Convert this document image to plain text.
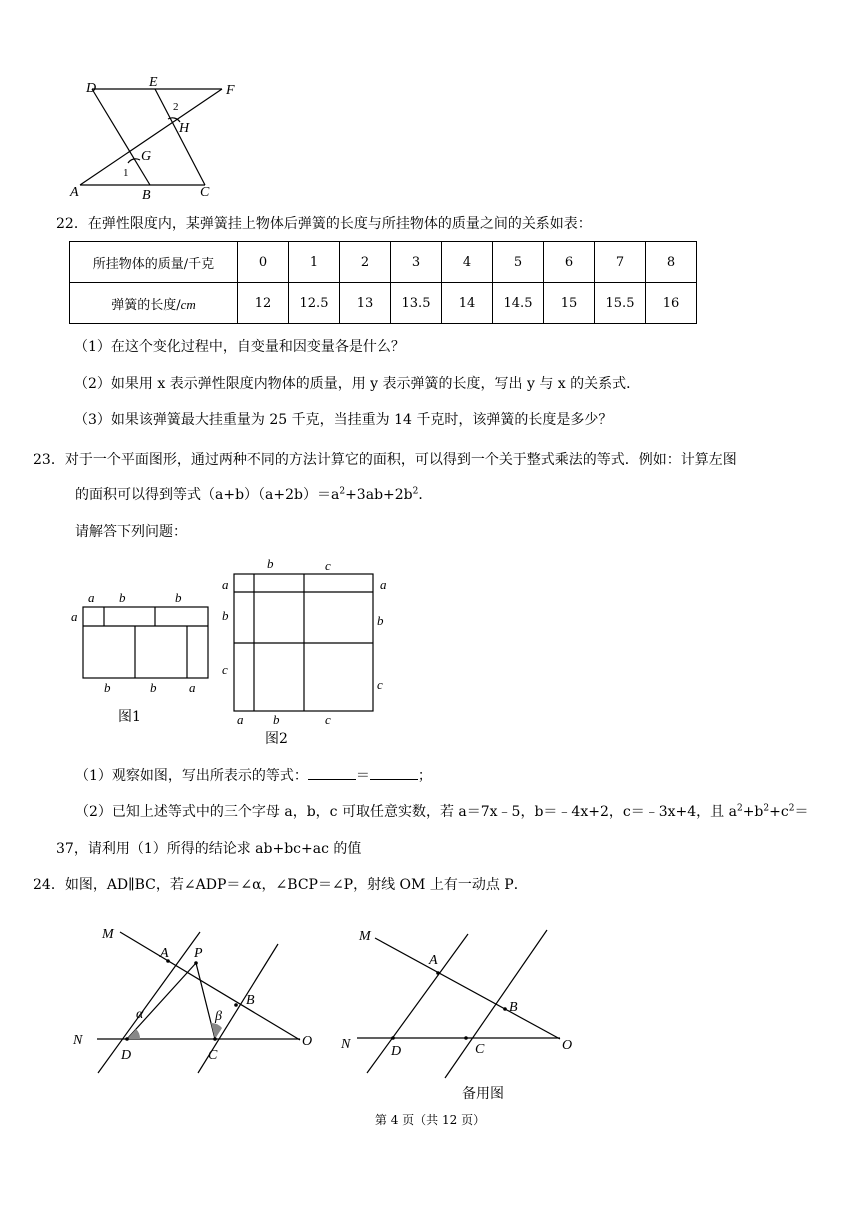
D	E
F
H
G
A	B	C
2
1
22．在弹性限度内，某弹簧挂上物体后弹簧的长度与所挂物体的质量之间的关系如表：
所挂物体的质量/千克	0	1	2	3	4	5	6	7	8
弹簧的长度/cm	12	12.5	13	13.5	14	14.5	15	15.5	16
（1）在这个变化过程中，自变量和因变量各是什么？
（2）如果用 x 表示弹性限度内物体的质量，用 y 表示弹簧的长度，写出 y 与 x 的关系式．
（3）如果该弹簧最大挂重量为 25 千克，当挂重为 14 千克时，该弹簧的长度是多少？
23．对于一个平面图形，通过两种不同的方法计算它的面积，可以得到一个关于整式乘法的等式．例如：计算左图
的面积可以得到等式$(a+b)(a+2b)=a^2+3ab+2b^2$．
请解答下列问题：
a b	b
a
b	b	a
图1
b	c
a	a
b	b
c
c
a b	c
图2
（1）观察如图，写出所表示的等式：	＝	；
（2）已知上述等式中的三个字母 a，b，c 可取任意实数，若 a＝7x﹣5，b＝﹣4x+2，c＝﹣3x+4，且 $a^2+b^2+c^2=$
37，请利用（1）所得的结论求 ab+bc+ac 的值
24．如图，AD∥BC，若∠ADP＝∠α，∠BCP＝∠P，射线 OM 上有一动点 P．
M
A P
B
α	β
N
D	C
O
M
A
B
N	D	C	O
备用图
第 4 页（共 12 页）
